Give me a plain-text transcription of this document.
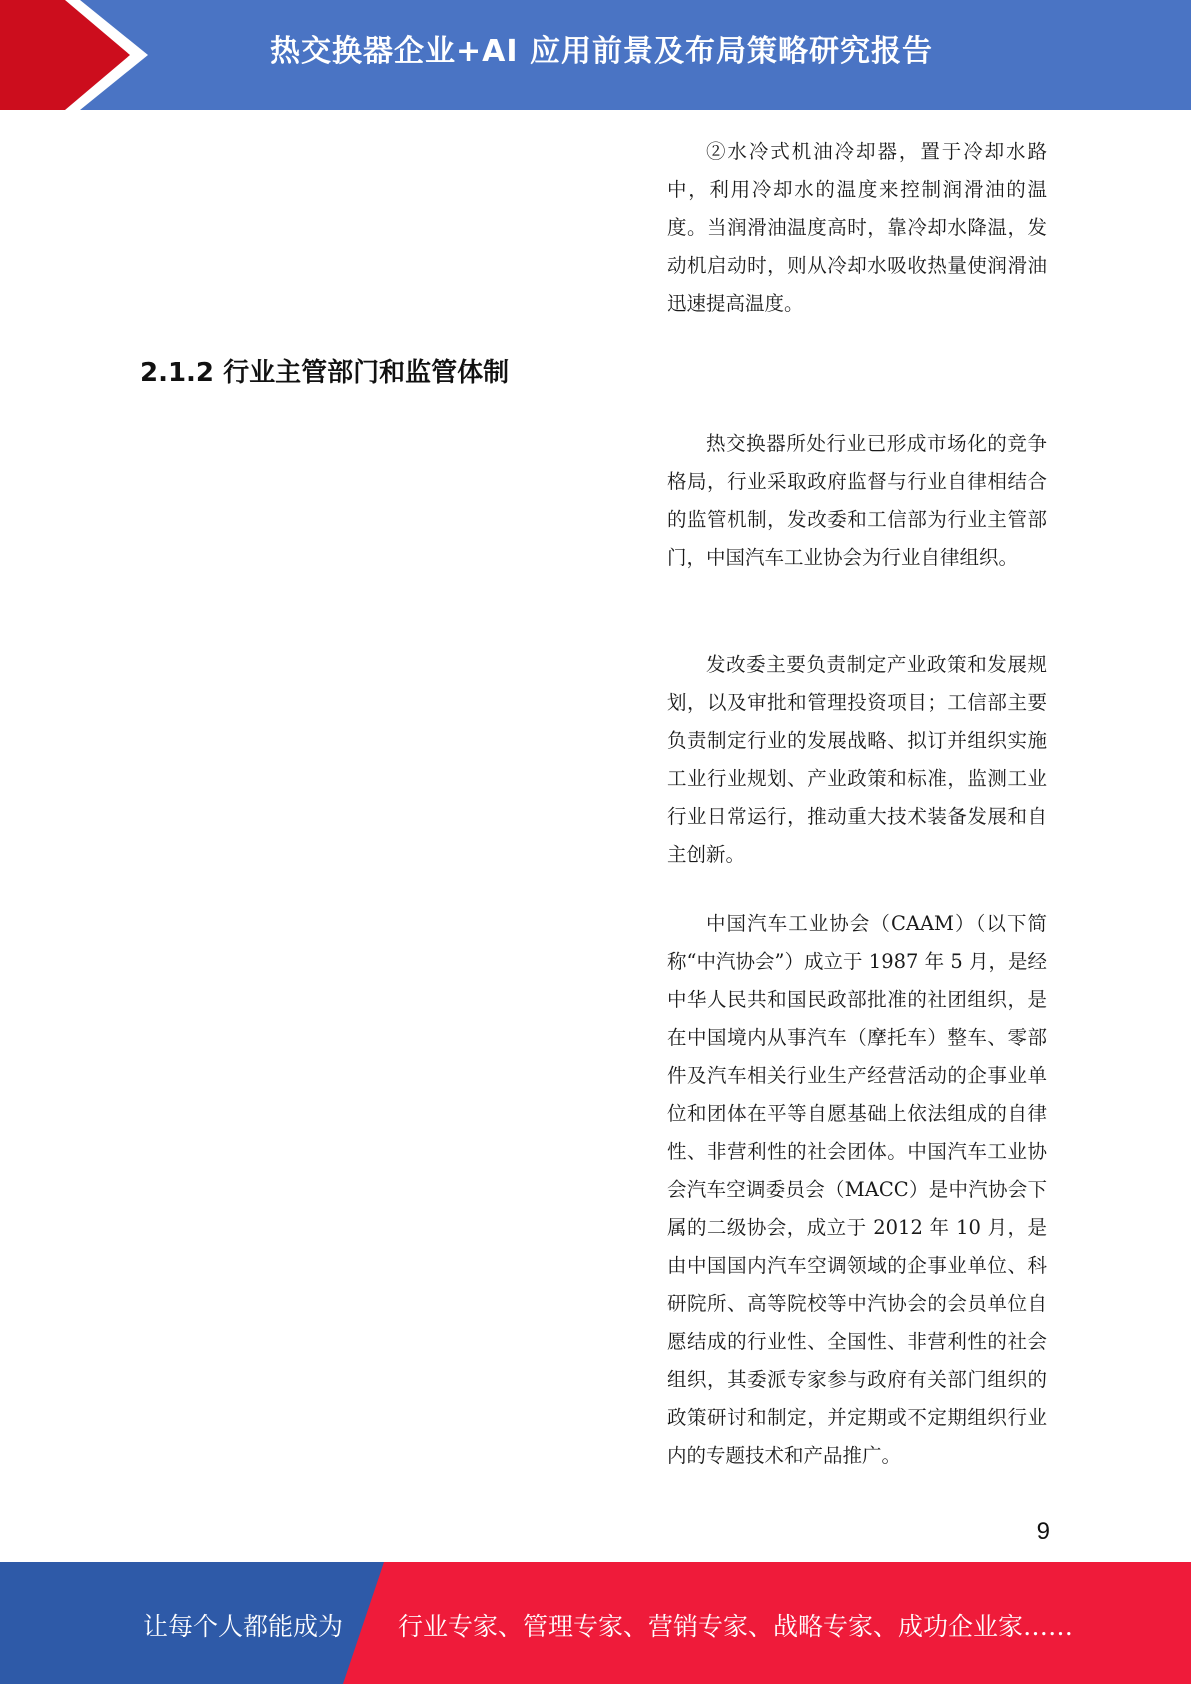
热交换器企业+AI 应用前景及布局策略研究报告
②水冷式机油冷却器，置于冷却水路中，利用冷却水的温度来控制润滑油的温度。当润滑油温度高时，靠冷却水降温，发动机启动时，则从冷却水吸收热量使润滑油迅速提高温度。
2.1.2 行业主管部门和监管体制
热交换器所处行业已形成市场化的竞争格局，行业采取政府监督与行业自律相结合的监管机制，发改委和工信部为行业主管部门，中国汽车工业协会为行业自律组织。
发改委主要负责制定产业政策和发展规划，以及审批和管理投资项目；工信部主要负责制定行业的发展战略、拟订并组织实施工业行业规划、产业政策和标准，监测工业行业日常运行，推动重大技术装备发展和自主创新。
中国汽车工业协会（CAAM）（以下简称“中汽协会”）成立于 1987 年 5 月，是经中华人民共和国民政部批准的社团组织，是在中国境内从事汽车（摩托车）整车、零部件及汽车相关行业生产经营活动的企事业单位和团体在平等自愿基础上依法组成的自律性、非营利性的社会团体。中国汽车工业协会汽车空调委员会（MACC）是中汽协会下属的二级协会，成立于 2012 年 10 月，是由中国国内汽车空调领域的企事业单位、科研院所、高等院校等中汽协会的会员单位自愿结成的行业性、全国性、非营利性的社会组织，其委派专家参与政府有关部门组织的政策研讨和制定，并定期或不定期组织行业内的专题技术和产品推广。
9
让每个人都能成为 行业专家、管理专家、营销专家、战略专家、成功企业家……
